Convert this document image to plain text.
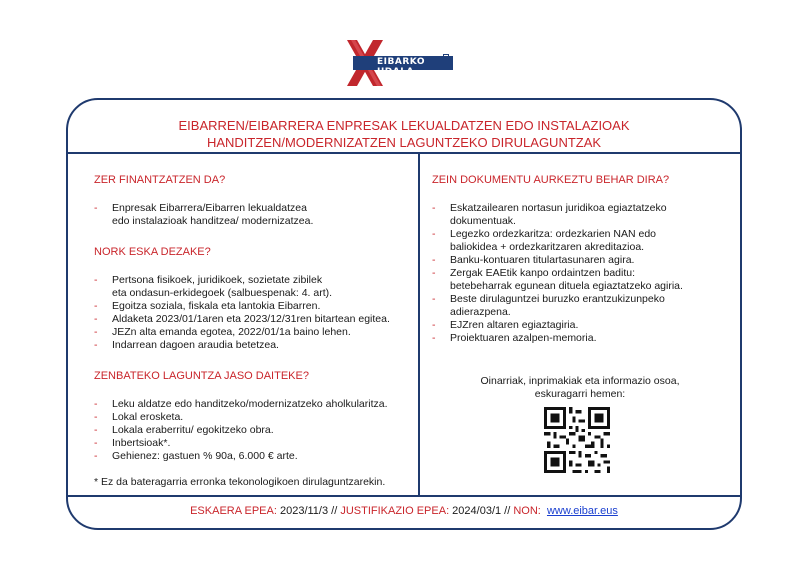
EIBARKO UDALA
EIBARREN/EIBARRERA ENPRESAK LEKUALDATZEN EDO INSTALAZIOAK
HANDITZEN/MODERNIZATZEN LAGUNTZEKO DIRULAGUNTZAK
ZER FINANTZATZEN DA?
- Enpresak Eibarrera/Eibarren lekualdatzea
edo instalazioak handitzea/ modernizatzea.
NORK ESKA DEZAKE?
- Pertsona fisikoek, juridikoek, sozietate zibilek
eta ondasun-erkidegoek (salbuespenak: 4. art).
- Egoitza soziala, fiskala eta lantokia Eibarren.
- Aldaketa 2023/01/1aren eta 2023/12/31ren bitartean egitea.
- JEZn alta emanda egotea, 2022/01/1a baino lehen.
- Indarrean dagoen araudia betetzea.
ZENBATEKO LAGUNTZA JASO DAITEKE?
- Leku aldatze edo handitzeko/modernizatzeko aholkularitza.
- Lokal erosketa.
- Lokala eraberritu/ egokitzeko obra.
- Inbertsioak*.
- Gehienez: gastuen % 90a, 6.000 € arte.
* Ez da bateragarria erronka tekonologikoen dirulaguntzarekin.
ZEIN DOKUMENTU AURKEZTU BEHAR DIRA?
- Eskatzailearen nortasun juridikoa egiaztatzeko
dokumentuak.
- Legezko ordezkaritza: ordezkarien NAN edo
baliokidea + ordezkaritzaren akreditazioa.
- Banku-kontuaren titulartasunaren agira.
- Zergak EAEtik kanpo ordaintzen baditu:
betebeharrak egunean dituela egiaztatzeko agiria.
- Beste dirulaguntzei buruzko erantzukizunpeko
adierazpena.
- EJZren altaren egiaztagiria.
- Proiektuaren azalpen-memoria.
Oinarriak, inprimakiak eta informazio osoa,
eskuragarri hemen:
ESKAERA EPEA: 2023/11/3 // JUSTIFIKAZIO EPEA: 2024/03/1 // NON: www.eibar.eus
